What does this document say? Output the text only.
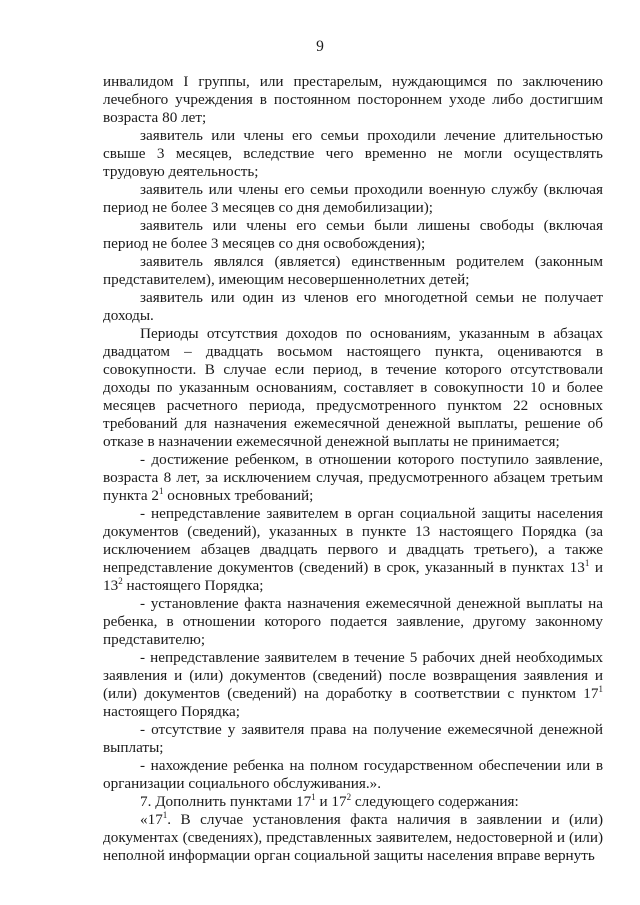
9

инвалидом I группы, или престарелым, нуждающимся по заключению лечебного учреждения в постоянном постороннем уходе либо достигшим возраста 80 лет;

заявитель или члены его семьи проходили лечение длительностью свыше 3 месяцев, вследствие чего временно не могли осуществлять трудовую деятельность;

заявитель или члены его семьи проходили военную службу (включая период не более 3 месяцев со дня демобилизации);

заявитель или члены его семьи были лишены свободы (включая период не более 3 месяцев со дня освобождения);

заявитель являлся (является) единственным родителем (законным представителем), имеющим несовершеннолетних детей;

заявитель или один из членов его многодетной семьи не получает доходы.

Периоды отсутствия доходов по основаниям, указанным в абзацах двадцатом – двадцать восьмом настоящего пункта, оцениваются в совокупности. В случае если период, в течение которого отсутствовали доходы по указанным основаниям, составляет в совокупности 10 и более месяцев расчетного периода, предусмотренного пунктом 22 основных требований для назначения ежемесячной денежной выплаты, решение об отказе в назначении ежемесячной денежной выплаты не принимается;

- достижение ребенком, в отношении которого поступило заявление, возраста 8 лет, за исключением случая, предусмотренного абзацем третьим пункта $2^1$ основных требований;

- непредставление заявителем в орган социальной защиты населения документов (сведений), указанных в пункте 13 настоящего Порядка (за исключением абзацев двадцать первого и двадцать третьего), а также непредставление документов (сведений) в срок, указанный в пунктах $13^1$ и $13^2$ настоящего Порядка;

- установление факта назначения ежемесячной денежной выплаты на ребенка, в отношении которого подается заявление, другому законному представителю;

- непредставление заявителем в течение 5 рабочих дней необходимых заявления и (или) документов (сведений) после возвращения заявления и (или) документов (сведений) на доработку в соответствии с пунктом $17^1$ настоящего Порядка;

- отсутствие у заявителя права на получение ежемесячной денежной выплаты;

- нахождение ребенка на полном государственном обеспечении или в организации социального обслуживания.».

7. Дополнить пунктами $17^1$ и $17^2$ следующего содержания:

«$17^1$. В случае установления факта наличия в заявлении и (или) документах (сведениях), представленных заявителем, недостоверной и (или) неполной информации орган социальной защиты населения вправе вернуть
